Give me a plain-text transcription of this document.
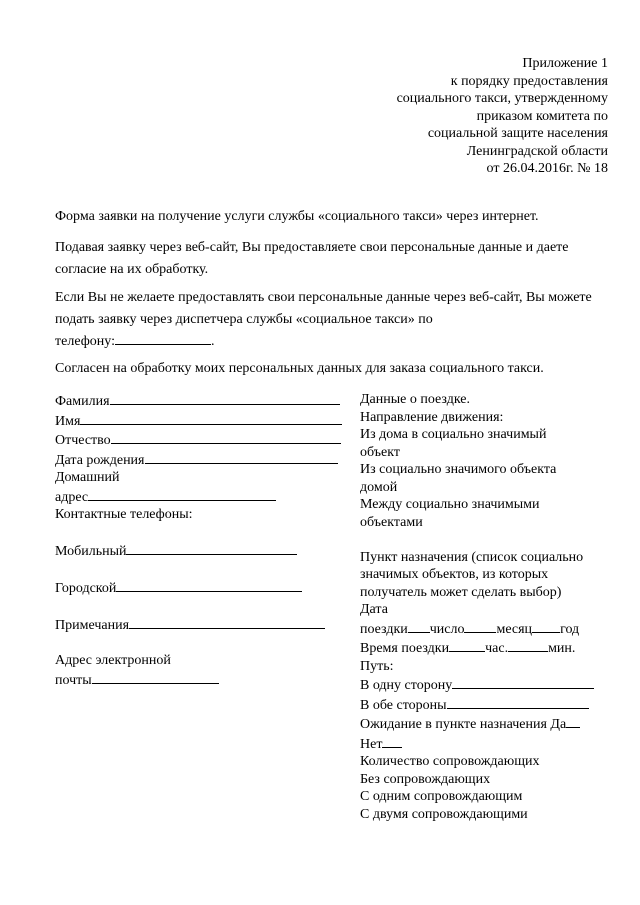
Приложение 1
к порядку предоставления
социального такси, утвержденному
приказом комитета по
социальной защите населения
Ленинградской области
от 26.04.2016г. № 18
Форма заявки на получение услуги службы «социального такси» через интернет.
Подавая заявку через веб-сайт, Вы предоставляете свои персональные данные и даете согласие на их обработку.
Если Вы не желаете предоставлять свои персональные данные через веб-сайт, Вы можете подать заявку через диспетчера службы «социальное такси» по
телефону:	.
Согласен на обработку моих персональных данных для заказа социального такси.
Фамилия
Имя
Отчество
Дата рождения
Домашний
адрес
Контактные телефоны:
Мобильный
Городской
Примечания
Адрес электронной
почты
Данные о поездке.
Направление движения:
Из дома в социально значимый
объект
Из социально значимого объекта
домой
Между социально значимыми
объектами
Пункт назначения (список социально
значимых объектов, из которых
получатель может сделать выбор)
Дата
поездки число месяц год
Время поездки	час.	мин.
Путь:
В одну сторону
В обе стороны
Ожидание в пункте назначения Да
Нет
Количество сопровождающих
Без сопровождающих
С одним сопровождающим
С двумя сопровождающими
